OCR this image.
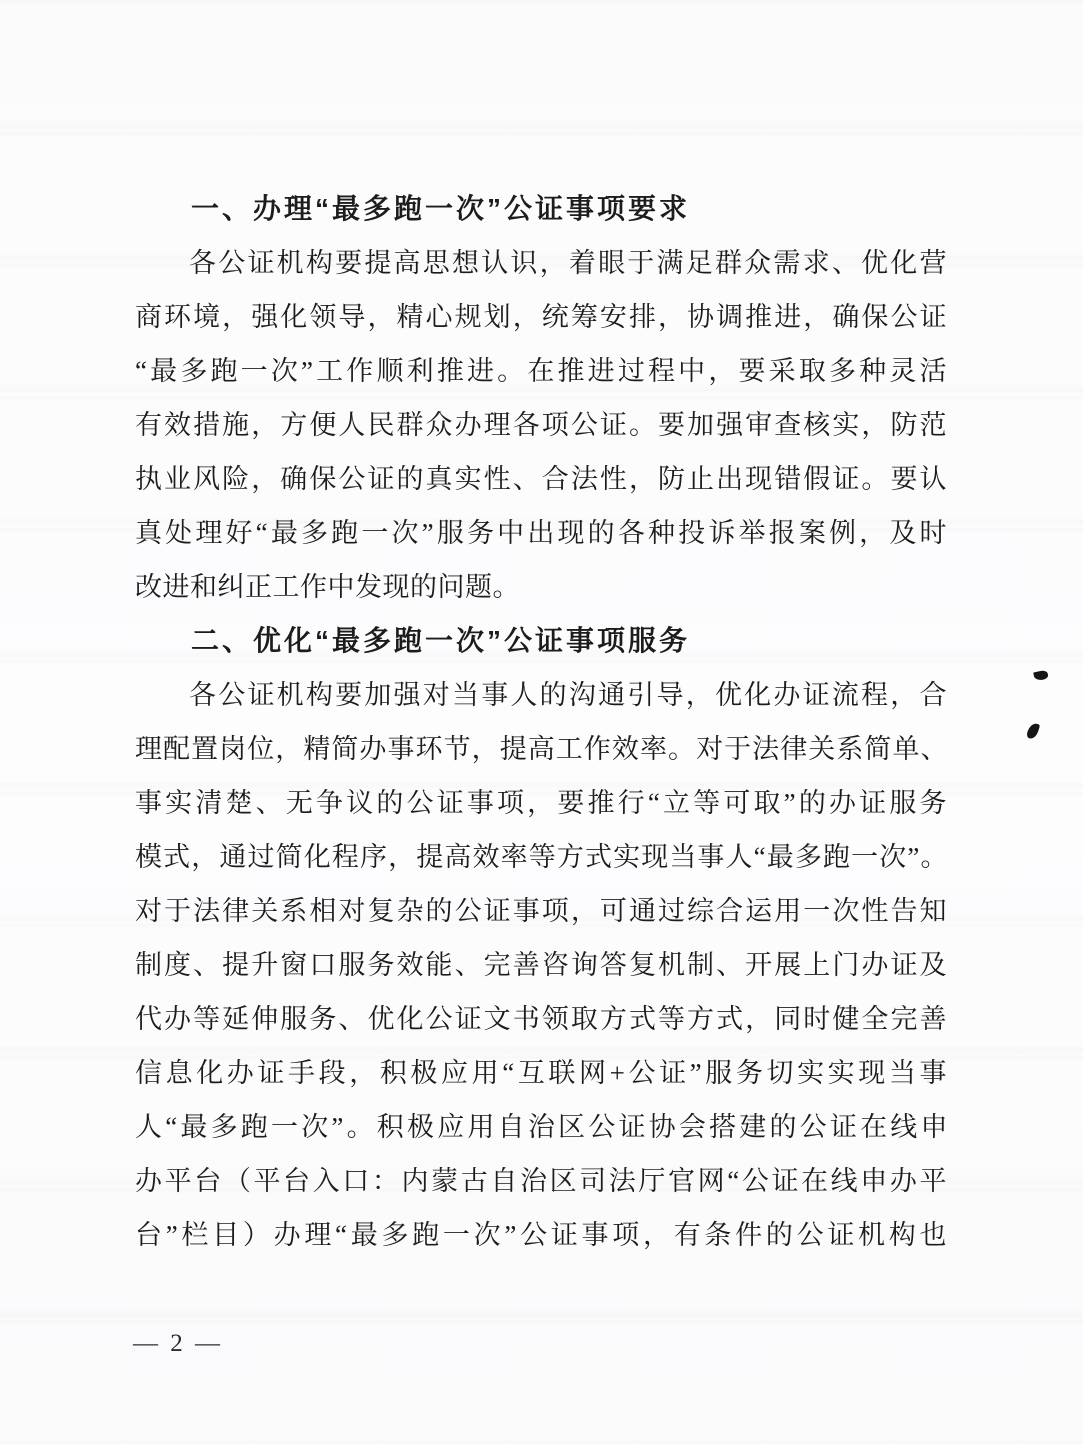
一、办理“最多跑一次”公证事项要求
各公证机构要提高思想认识，着眼于满足群众需求、优化营
商环境，强化领导，精心规划，统筹安排，协调推进，确保公证
“最多跑一次”工作顺利推进。在推进过程中，要采取多种灵活
有效措施，方便人民群众办理各项公证。要加强审查核实，防范
执业风险，确保公证的真实性、合法性，防止出现错假证。要认
真处理好“最多跑一次”服务中出现的各种投诉举报案例，及时
改进和纠正工作中发现的问题。
二、优化“最多跑一次”公证事项服务
各公证机构要加强对当事人的沟通引导，优化办证流程，合
理配置岗位，精简办事环节，提高工作效率。对于法律关系简单、
事实清楚、无争议的公证事项，要推行“立等可取”的办证服务
模式，通过简化程序，提高效率等方式实现当事人“最多跑一次”。
对于法律关系相对复杂的公证事项，可通过综合运用一次性告知
制度、提升窗口服务效能、完善咨询答复机制、开展上门办证及
代办等延伸服务、优化公证文书领取方式等方式，同时健全完善
信息化办证手段，积极应用“互联网+公证”服务切实实现当事
人“最多跑一次”。积极应用自治区公证协会搭建的公证在线申
办平台（平台入口：内蒙古自治区司法厅官网“公证在线申办平
台”栏目）办理“最多跑一次”公证事项，有条件的公证机构也
— 2 —
